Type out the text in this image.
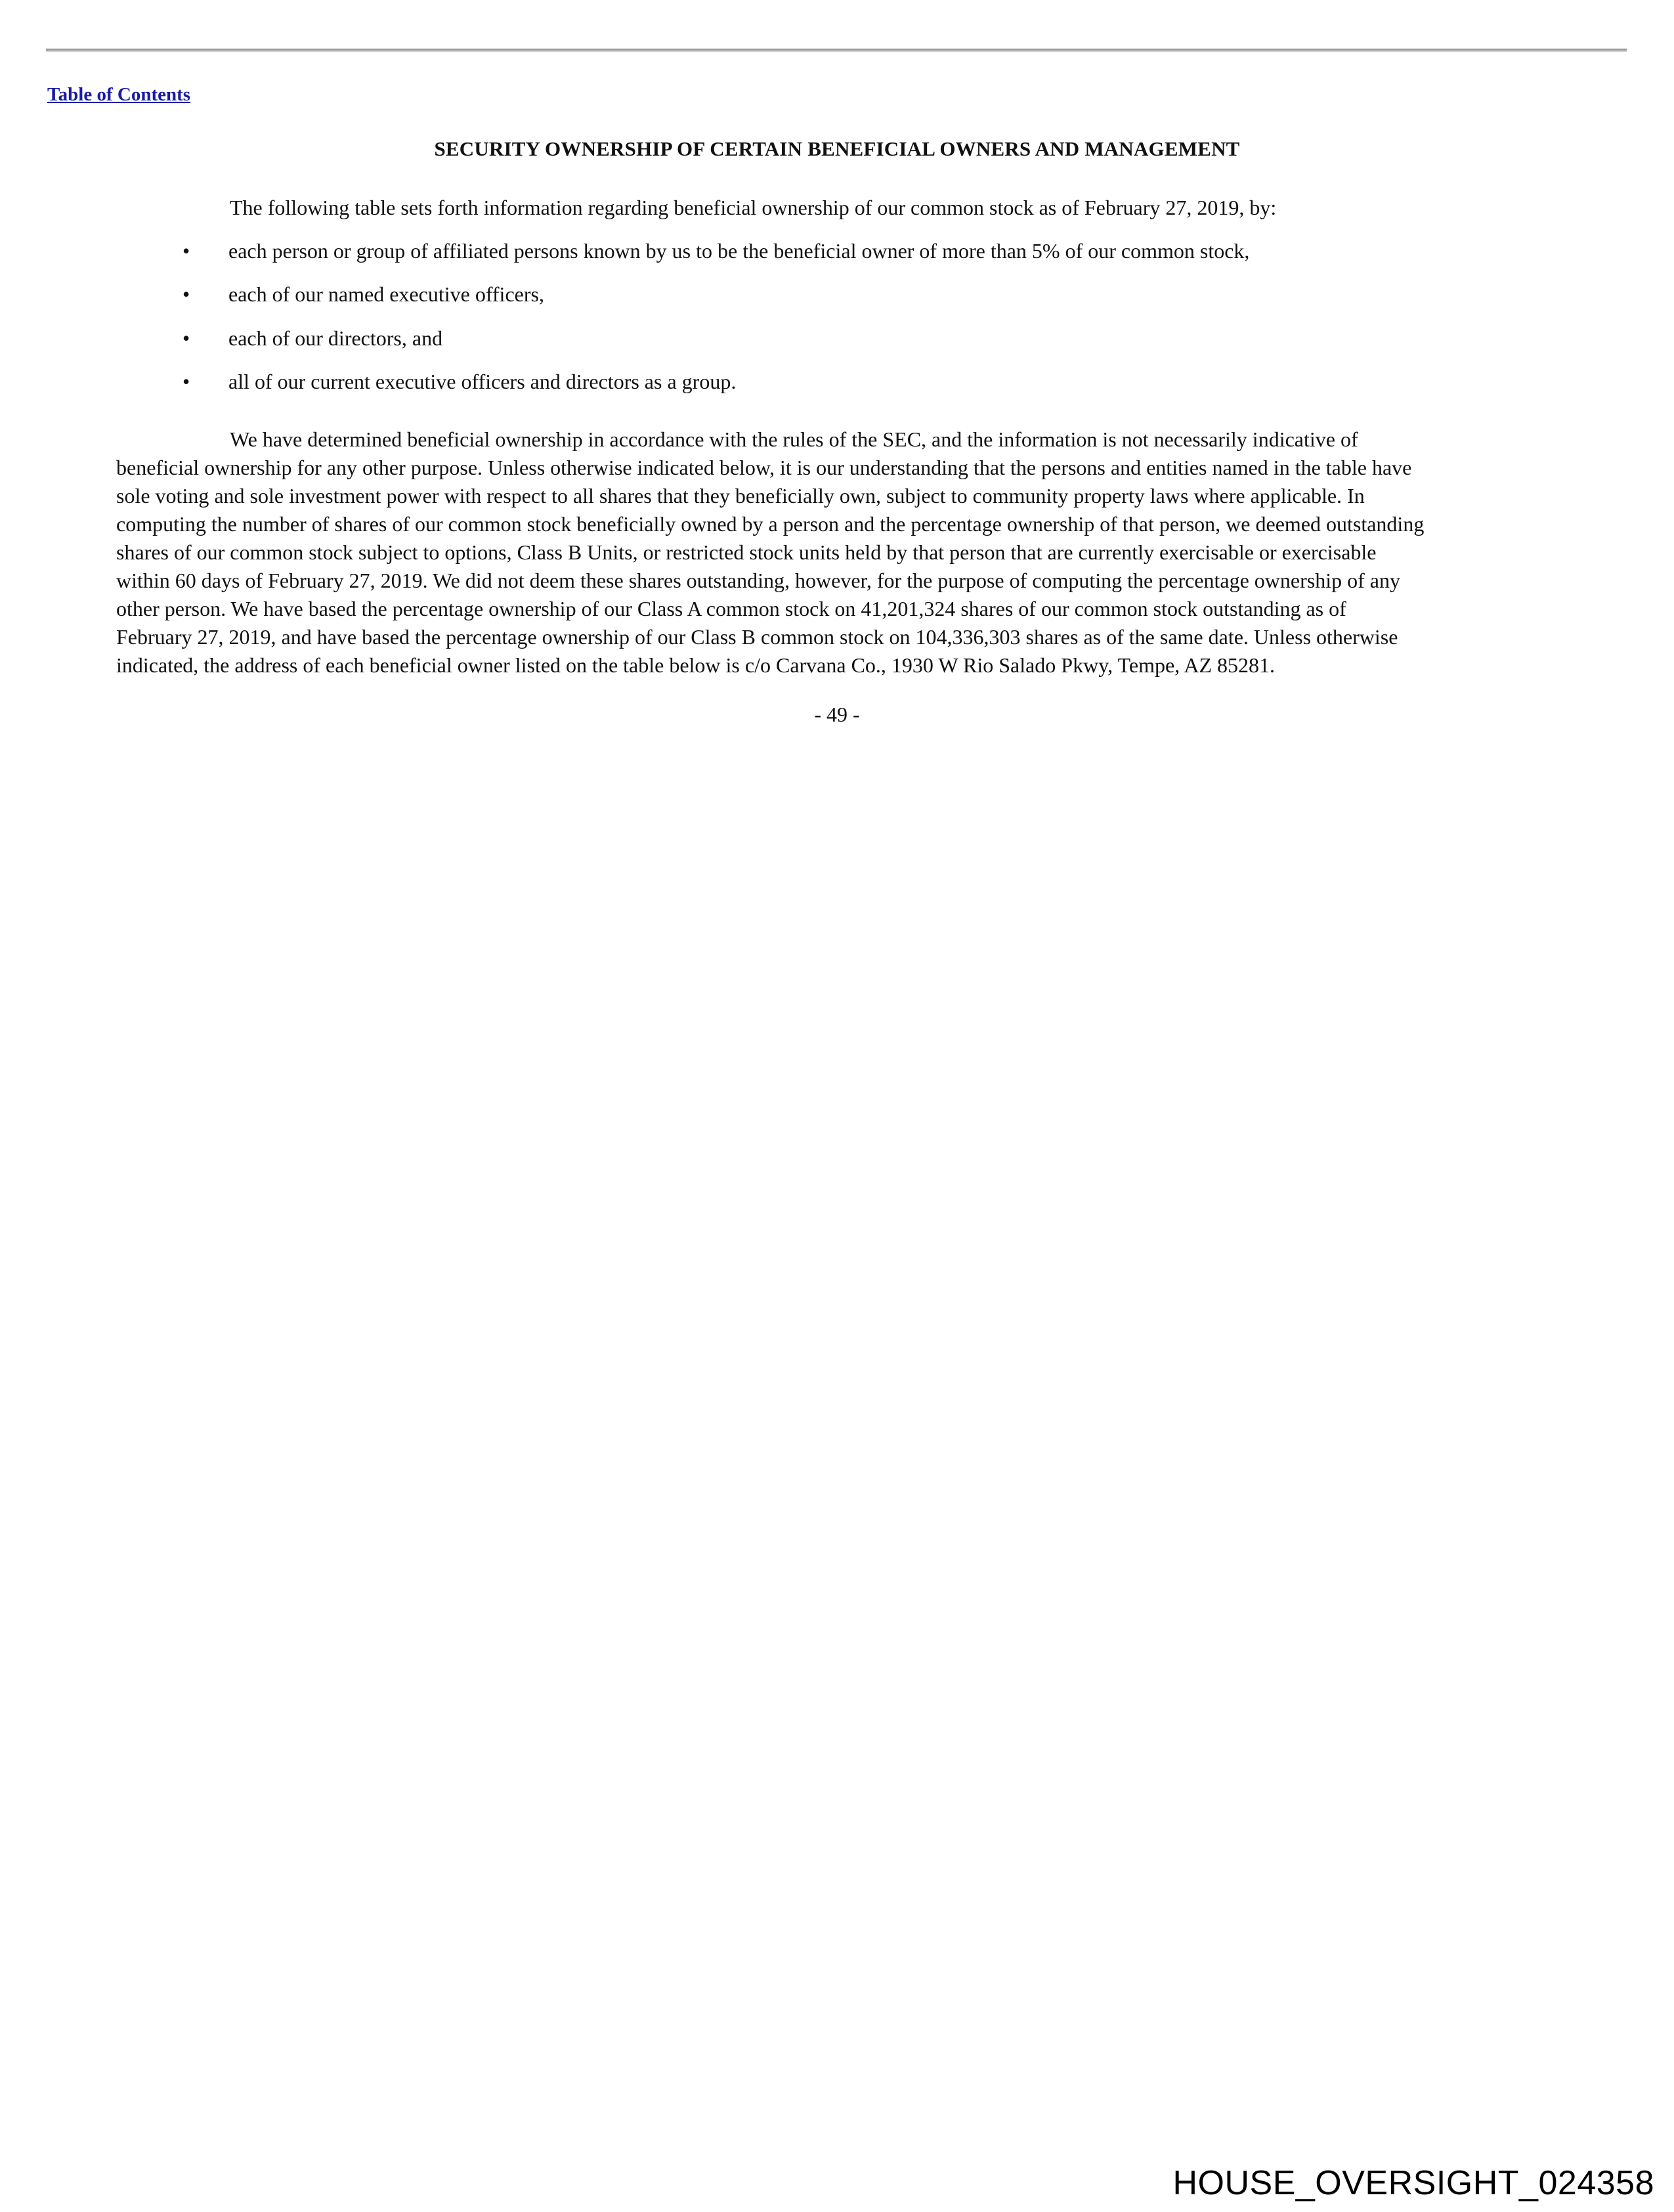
Table of Contents
SECURITY OWNERSHIP OF CERTAIN BENEFICIAL OWNERS AND MANAGEMENT
The following table sets forth information regarding beneficial ownership of our common stock as of February 27, 2019, by:
• each person or group of affiliated persons known by us to be the beneficial owner of more than 5% of our common stock,
• each of our named executive officers,
• each of our directors, and
• all of our current executive officers and directors as a group.
We have determined beneficial ownership in accordance with the rules of the SEC, and the information is not necessarily indicative of
beneficial ownership for any other purpose. Unless otherwise indicated below, it is our understanding that the persons and entities named in the table have
sole voting and sole investment power with respect to all shares that they beneficially own, subject to community property laws where applicable. In
computing the number of shares of our common stock beneficially owned by a person and the percentage ownership of that person, we deemed outstanding
shares of our common stock subject to options, Class B Units, or restricted stock units held by that person that are currently exercisable or exercisable
within 60 days of February 27, 2019. We did not deem these shares outstanding, however, for the purpose of computing the percentage ownership of any
other person. We have based the percentage ownership of our Class A common stock on 41,201,324 shares of our common stock outstanding as of
February 27, 2019, and have based the percentage ownership of our Class B common stock on 104,336,303 shares as of the same date. Unless otherwise
indicated, the address of each beneficial owner listed on the table below is c/o Carvana Co., 1930 W Rio Salado Pkwy, Tempe, AZ 85281.
- 49 -
HOUSE_OVERSIGHT_024358
